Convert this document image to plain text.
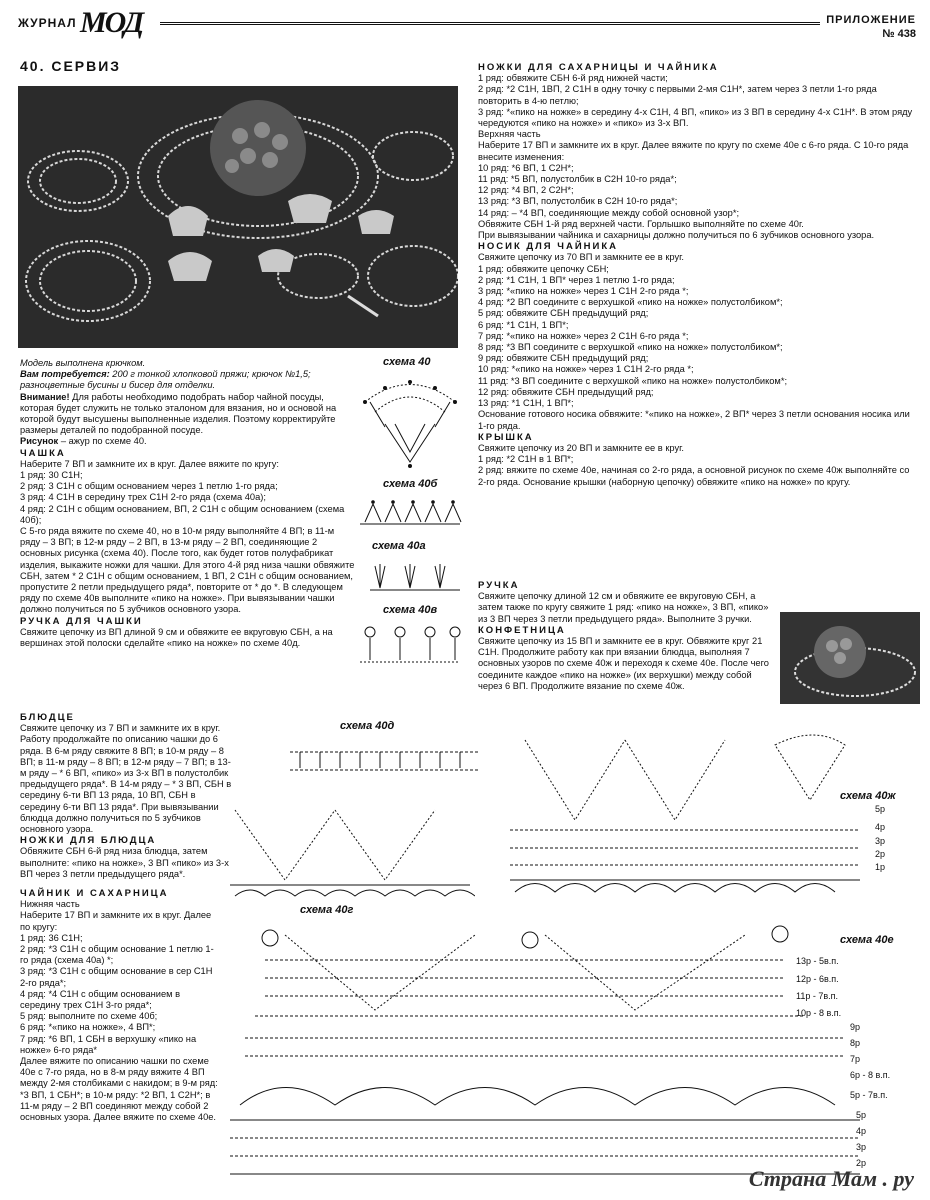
ЖУРНАЛ МОД	ПРИЛОЖЕНИЕ
№ 438
40. СЕРВИЗ

Модель выполнена крючком.

Вам потребуется: 200 г тонкой хлопковой пряжи; крючок №1,5; разноцветные бусины и бисер для отделки.

Внимание! Для работы необходимо подобрать набор чайной посуды, которая будет служить не только эталоном для вязания, но и основой на которой будут высушены выполненные изделия. Поэтому корректируйте размеры деталей по подобранной посуде.

Рисунок – ажур по схеме 40.

ЧАШКА

Наберите 7 ВП и замкните их в круг. Далее вяжите по кругу:

1 ряд: 30 С1Н;

2 ряд: 3 С1Н с общим основанием через 1 петлю 1-го ряда;

3 ряд: 4 С1Н в середину трех С1Н 2-го ряда (схема 40а);

4 ряд: 2 С1Н с общим основанием, ВП, 2 С1Н с общим основанием (схема 40б);

С 5-го ряда вяжите по схеме 40, но в 10-м ряду выполняйте 4 ВП; в 11-м ряду – 3 ВП; в 12-м ряду – 2 ВП, в 13-м ряду – 2 ВП, соединяющие 2 основных рисунка (схема 40). После того, как будет готов полуфабрикат изделия, выкажите ножки для чашки. Для этого 4-й ряд низа чашки обвяжите СБН, затем * 2 С1Н с общим основанием, 1 ВП, 2 С1Н с общим основанием, пропустите 2 петли предыдущего ряда*, повторите от * до *. В следующем ряду по схеме 40в выполните «пико на ножке». При вывязывании чашки должно получиться по 5 зубчиков основного узора.

РУЧКА ДЛЯ ЧАШКИ

Свяжите цепочку из ВП длиной 9 см и обвяжите ее вкруговую СБН, а на вершинах этой полоски сделайте «пико на ножке» по схеме 40д.

БЛЮДЦЕ

Свяжите цепочку из 7 ВП и замкните их в круг. Работу продолжайте по описанию чашки до 6 ряда. В 6-м ряду свяжите 8 ВП; в 10-м ряду – 8 ВП; в 11-м ряду – 8 ВП; в 12-м ряду – 7 ВП; в 13-м ряду – * 6 ВП, «пико» из 3-х ВП в полустолбик предыдущего ряда*. В 14-м ряду – * 3 ВП, СБН в середину 6-ти ВП 13 ряда, 10 ВП, СБН в середину 6-ти ВП 13 ряда*. При вывязывании блюдца должно получиться по 5 зубчиков основного узора.

НОЖКИ ДЛЯ БЛЮДЦА

Обвяжите СБН 6-й ряд низа блюдца, затем выполните: «пико на ножке», 3 ВП «пико» из 3-х ВП через 3 петли предыдущего ряда*.

ЧАЙНИК И САХАРНИЦА

Нижняя часть

Наберите 17 ВП и замкните их в круг. Далее по кругу:

1 ряд: 36 С1Н;

2 ряд: *3 С1Н с общим основание 1 петлю 1-го ряда (схема 40а) *;

3 ряд: *3 С1Н с общим основание в сер С1Н 2-го ряда*;

4 ряд: *4 С1Н с общим основанием в середину трех С1Н 3-го ряда*;

5 ряд: выполните по схеме 40б;

6 ряд: *«пико на ножке», 4 ВП*;

7 ряд: *6 ВП, 1 СБН в верхушку «пико на ножке» 6-го ряда*

Далее вяжите по описанию чашки по схеме 40е с 7-го ряда, но в 8-м ряду вяжите 4 ВП между 2-мя столбиками с накидом; в 9-м ряд: *3 ВП, 1 СБН*; в 10-м ряду: *2 ВП, 1 С2Н*; в 11-м ряду – 2 ВП соединяют между собой 2 основных узора. Далее вяжите по схеме 40е.

НОЖКИ ДЛЯ САХАРНИЦЫ И ЧАЙНИКА

1 ряд: обвяжите СБН 6-й ряд нижней части;

2 ряд: *2 С1Н, 1ВП, 2 С1Н в одну точку с первыми 2-мя С1Н*, затем через 3 петли 1-го ряда повторить в 4-ю петлю;

3 ряд: *«пико на ножке» в середину 4-х С1Н, 4 ВП, «пико» из 3 ВП в середину 4-х С1Н*. В этом ряду чередуются «пико на ножке» и «пико» из 3-х ВП.

Верхняя часть

Наберите 17 ВП и замкните их в круг. Далее вяжите по кругу по схеме 40е с 6-го ряда. С 10-го ряда внесите изменения:

10 ряд: *6 ВП, 1 С2Н*;

11 ряд: *5 ВП, полустолбик в С2Н 10-го ряда*;

12 ряд: *4 ВП, 2 С2Н*;

13 ряд: *3 ВП, полустолбик в С2Н 10-го ряда*;

14 ряд: – *4 ВП, соединяющие между собой основной узор*;

Обвяжите СБН 1-й ряд верхней части. Горлышко выполняйте по схеме 40г.

При вывязывании чайника и сахарницы должно получиться по 6 зубчиков основного узора.

НОСИК ДЛЯ ЧАЙНИКА

Свяжите цепочку из 70 ВП и замкните ее в круг.

1 ряд: обвяжите цепочку СБН;

2 ряд: *1 С1Н, 1 ВП* через 1 петлю 1-го ряда;

3 ряд: *«пико на ножке» через 1 С1Н 2-го ряда *;

4 ряд: *2 ВП соедините с верхушкой «пико на ножке» полустолбиком*;

5 ряд: обвяжите СБН предыдущий ряд;

6 ряд: *1 С1Н, 1 ВП*;

7 ряд: *«пико на ножке» через 2 С1Н 6-го ряда *;

8 ряд: *3 ВП соедините с верхушкой «пико на ножке» полустолбиком*;

9 ряд: обвяжите СБН предыдущий ряд;

10 ряд: *«пико на ножке» через 1 С1Н 2-го ряда *;

11 ряд: *3 ВП соедините с верхушкой «пико на ножке» полустолбиком*;

12 ряд: обвяжите СБН предыдущий ряд;

13 ряд: *1 С1Н, 1 ВП*;

Основание готового носика обвяжите: *«пико на ножке», 2 ВП* через 3 петли основания носика или 1-го ряда.

КРЫШКА

Свяжите цепочку из 20 ВП и замкните ее в круг.

1 ряд: *2 С1Н в 1 ВП*;

2 ряд: вяжите по схеме 40е, начиная со 2-го ряда, а основной рисунок по схеме 40ж выполняйте со 2-го ряда. Основание крышки (наборную цепочку) обвяжите «пико на ножке» по кругу.

РУЧКА

Свяжите цепочку длиной 12 см и обвяжите ее вкруговую СБН, а затем также по кругу свяжите 1 ряд: «пико на ножке», 3 ВП, «пико» из 3 ВП через 3 петли предыдущего ряда». Выполните 3 ручки.

КОНФЕТНИЦА

Свяжите цепочку из 15 ВП и замкните ее в круг. Обвяжите круг 21 С1Н. Продолжите работу как при вязании блюдца, выполняя 7 основных узоров по схеме 40ж и переходя к схеме 40е. После чего соедините каждое «пико на ножке» (их верхушки) между собой через 6 ВП. Продолжите вязание по схеме 40ж.

схема 40
схема 40б
схема 40а
схема 40в
схема 40д
схема 40ж
схема 40г
схема 40е
5р
4р
3р
2р
1р
13р - 5в.п.
12р - 6в.п.
11р - 7в.п.
10р - 8 в.п.
9р
8р
7р
6р - 8 в.п.
5р - 7в.п.
5р
4р
3р
2р
Страна Мам . ру
